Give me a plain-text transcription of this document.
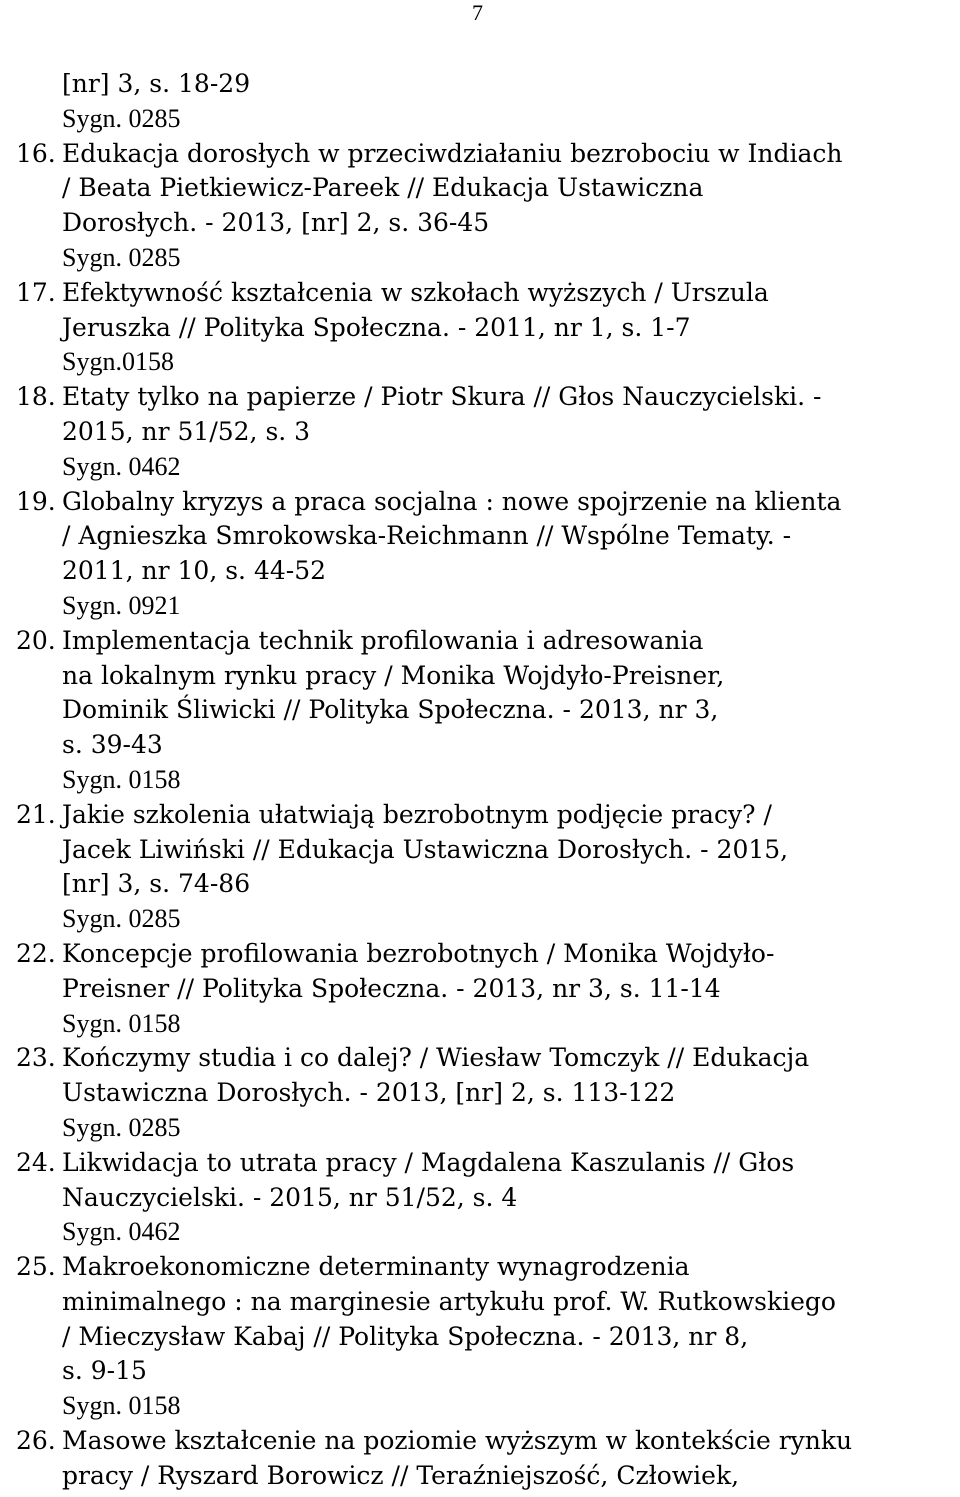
7
[nr] 3, s. 18-29
Sygn. 0285
16. Edukacja dorosłych w przeciwdziałaniu bezrobociu w Indiach
/ Beata Pietkiewicz-Pareek // Edukacja Ustawiczna
Dorosłych. - 2013, [nr] 2, s. 36-45
Sygn. 0285
17. Efektywność kształcenia w szkołach wyższych / Urszula
Jeruszka // Polityka Społeczna. - 2011, nr 1, s. 1-7
Sygn.0158
18. Etaty tylko na papierze / Piotr Skura // Głos Nauczycielski. -
2015, nr 51/52, s. 3
Sygn. 0462
19. Globalny kryzys a praca socjalna : nowe spojrzenie na klienta
/ Agnieszka Smrokowska-Reichmann // Wspólne Tematy. -
2011, nr 10, s. 44-52
Sygn. 0921
20. Implementacja technik profilowania i adresowania
na lokalnym rynku pracy / Monika Wojdyło-Preisner,
Dominik Śliwicki // Polityka Społeczna. - 2013, nr 3,
s. 39-43
Sygn. 0158
21. Jakie szkolenia ułatwiają bezrobotnym podjęcie pracy? /
Jacek Liwiński // Edukacja Ustawiczna Dorosłych. - 2015,
[nr] 3, s. 74-86
Sygn. 0285
22. Koncepcje profilowania bezrobotnych / Monika Wojdyło-
Preisner // Polityka Społeczna. - 2013, nr 3, s. 11-14
Sygn. 0158
23. Kończymy studia i co dalej? / Wiesław Tomczyk // Edukacja
Ustawiczna Dorosłych. - 2013, [nr] 2, s. 113-122
Sygn. 0285
24. Likwidacja to utrata pracy / Magdalena Kaszulanis // Głos
Nauczycielski. - 2015, nr 51/52, s. 4
Sygn. 0462
25. Makroekonomiczne determinanty wynagrodzenia
minimalnego : na marginesie artykułu prof. W. Rutkowskiego
/ Mieczysław Kabaj // Polityka Społeczna. - 2013, nr 8,
s. 9-15
Sygn. 0158
26. Masowe kształcenie na poziomie wyższym w kontekście rynku
pracy / Ryszard Borowicz // Teraźniejszość, Człowiek,
